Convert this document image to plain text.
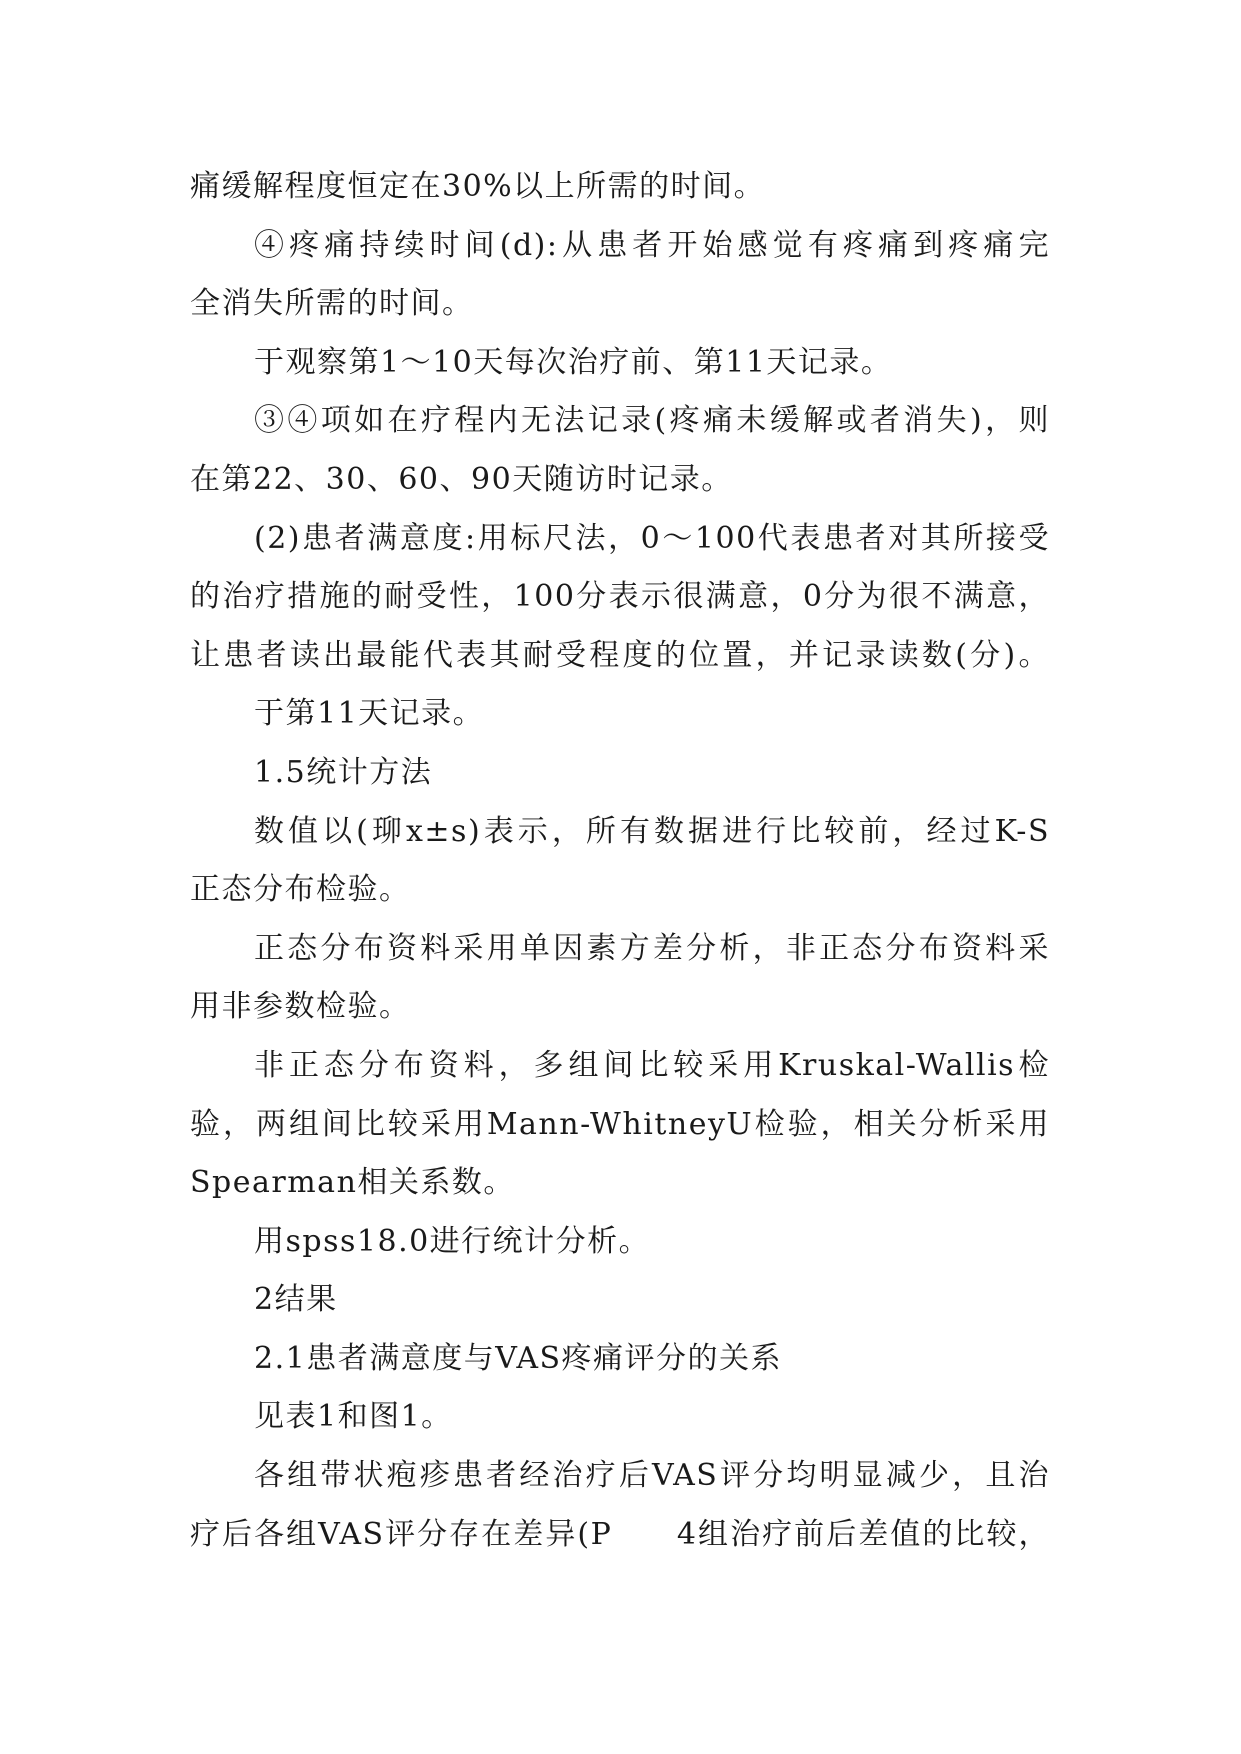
痛缓解程度恒定在30%以上所需的时间。
④疼痛持续时间(d):从患者开始感觉有疼痛到疼痛完
全消失所需的时间。
于观察第1～10天每次治疗前、第11天记录。
③④项如在疗程内无法记录(疼痛未缓解或者消失)，则
在第22、30、60、90天随访时记录。
(2)患者满意度:用标尺法，0～100代表患者对其所接受
的治疗措施的耐受性，100分表示很满意，0分为很不满意，
让患者读出最能代表其耐受程度的位置，并记录读数(分)。
于第11天记录。
1.5统计方法
数值以(珋x±s)表示，所有数据进行比较前，经过K-S
正态分布检验。
正态分布资料采用单因素方差分析，非正态分布资料采
用非参数检验。
非正态分布资料，多组间比较采用Kruskal-Wallis检
验，两组间比较采用Mann-WhitneyU检验，相关分析采用
Spearman相关系数。
用spss18.0进行统计分析。
2结果
2.1患者满意度与VAS疼痛评分的关系
见表1和图1。
各组带状疱疹患者经治疗后VAS评分均明显减少，且治
疗后各组VAS评分存在差异(P　　4组治疗前后差值的比较，
